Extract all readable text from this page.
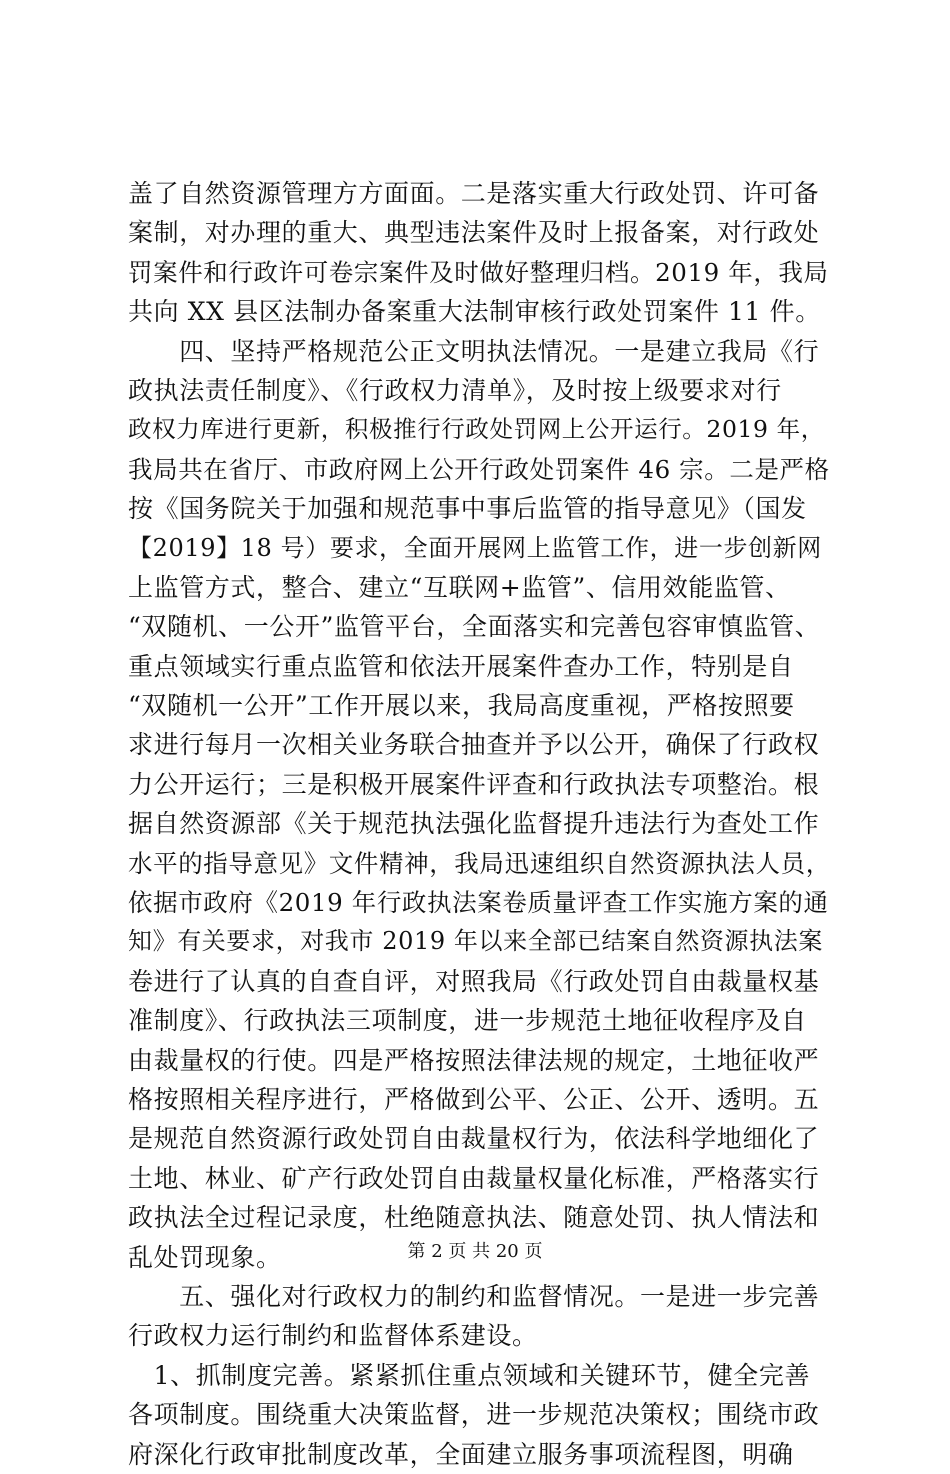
盖了自然资源管理方方面面。二是落实重大行政处罚、许可备
案制，对办理的重大、典型违法案件及时上报备案，对行政处
罚案件和行政许可卷宗案件及时做好整理归档。2019 年，我局
共向 XX 县区法制办备案重大法制审核行政处罚案件 11 件。
　　四、坚持严格规范公正文明执法情况。一是建立我局《行
政执法责任制度》、《行政权力清单》，及时按上级要求对行
政权力库进行更新，积极推行行政处罚网上公开运行。2019 年，
我局共在省厅、市政府网上公开行政处罚案件 46 宗。二是严格
按《国务院关于加强和规范事中事后监管的指导意见》（国发
【2019】18 号）要求，全面开展网上监管工作，进一步创新网
上监管方式，整合、建立“互联网+监管”、信用效能监管、
“双随机、一公开”监管平台，全面落实和完善包容审慎监管、
重点领域实行重点监管和依法开展案件查办工作，特别是自
“双随机一公开”工作开展以来，我局高度重视，严格按照要
求进行每月一次相关业务联合抽查并予以公开，确保了行政权
力公开运行；三是积极开展案件评查和行政执法专项整治。根
据自然资源部《关于规范执法强化监督提升违法行为查处工作
水平的指导意见》文件精神，我局迅速组织自然资源执法人员，
依据市政府《2019 年行政执法案卷质量评查工作实施方案的通
知》有关要求，对我市 2019 年以来全部已结案自然资源执法案
卷进行了认真的自查自评，对照我局《行政处罚自由裁量权基
准制度》、行政执法三项制度，进一步规范土地征收程序及自
由裁量权的行使。四是严格按照法律法规的规定，土地征收严
格按照相关程序进行，严格做到公平、公正、公开、透明。五
是规范自然资源行政处罚自由裁量权行为，依法科学地细化了
土地、林业、矿产行政处罚自由裁量权量化标准，严格落实行
政执法全过程记录度，杜绝随意执法、随意处罚、执人情法和
乱处罚现象。
　　五、强化对行政权力的制约和监督情况。一是进一步完善
行政权力运行制约和监督体系建设。
　1、抓制度完善。紧紧抓住重点领域和关键环节，健全完善
各项制度。围绕重大决策监督，进一步规范决策权；围绕市政
府深化行政审批制度改革，全面建立服务事项流程图，明确
第 2 页 共 20 页
